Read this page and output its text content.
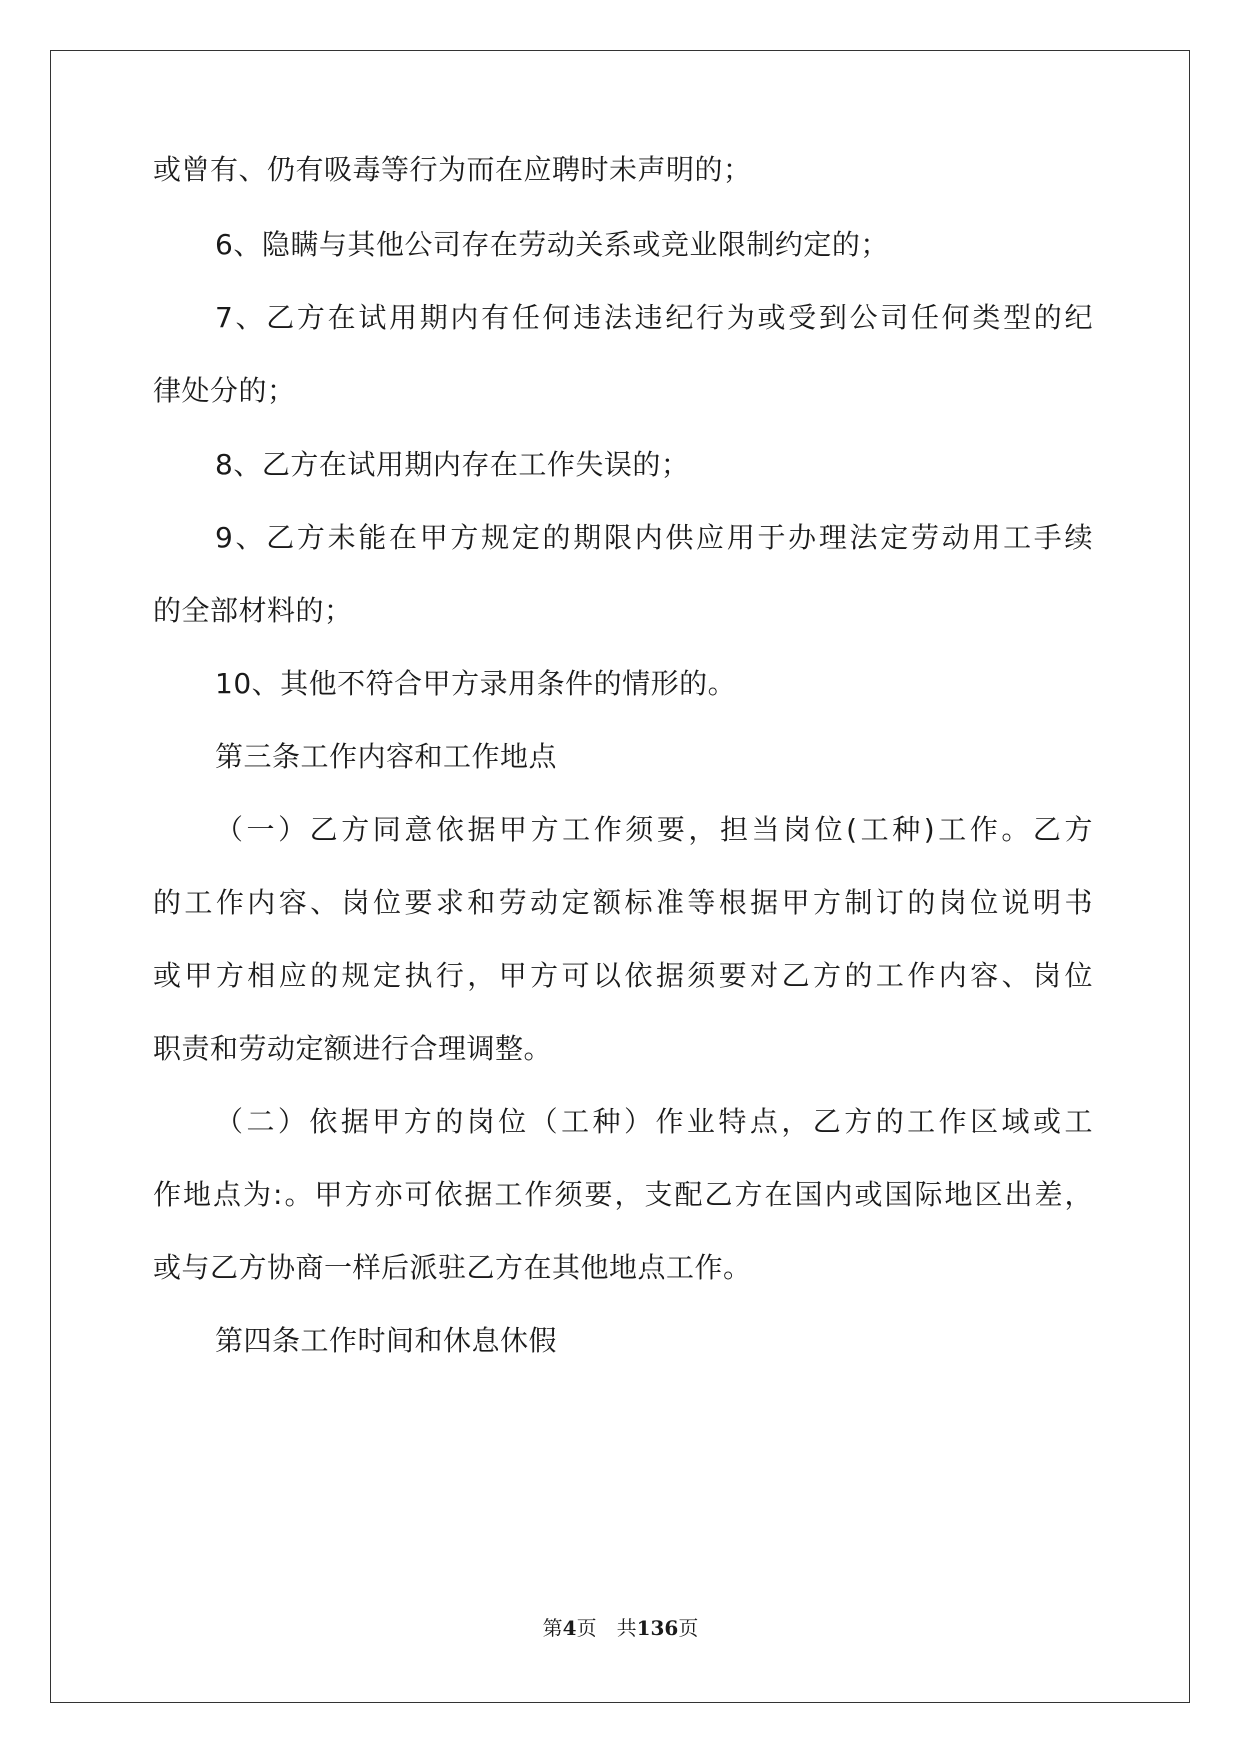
或曾有、仍有吸毒等行为而在应聘时未声明的；
6、隐瞒与其他公司存在劳动关系或竞业限制约定的；
7、乙方在试用期内有任何违法违纪行为或受到公司任何类型的纪
律处分的；
8、乙方在试用期内存在工作失误的；
9、乙方未能在甲方规定的期限内供应用于办理法定劳动用工手续
的全部材料的；
10、其他不符合甲方录用条件的情形的。
第三条工作内容和工作地点
（一）乙方同意依据甲方工作须要，担当岗位(工种)工作。乙方
的工作内容、岗位要求和劳动定额标准等根据甲方制订的岗位说明书
或甲方相应的规定执行，甲方可以依据须要对乙方的工作内容、岗位
职责和劳动定额进行合理调整。
（二）依据甲方的岗位（工种）作业特点，乙方的工作区域或工
作地点为:。甲方亦可依据工作须要，支配乙方在国内或国际地区出差，
或与乙方协商一样后派驻乙方在其他地点工作。
第四条工作时间和休息休假
第4页　共136页
